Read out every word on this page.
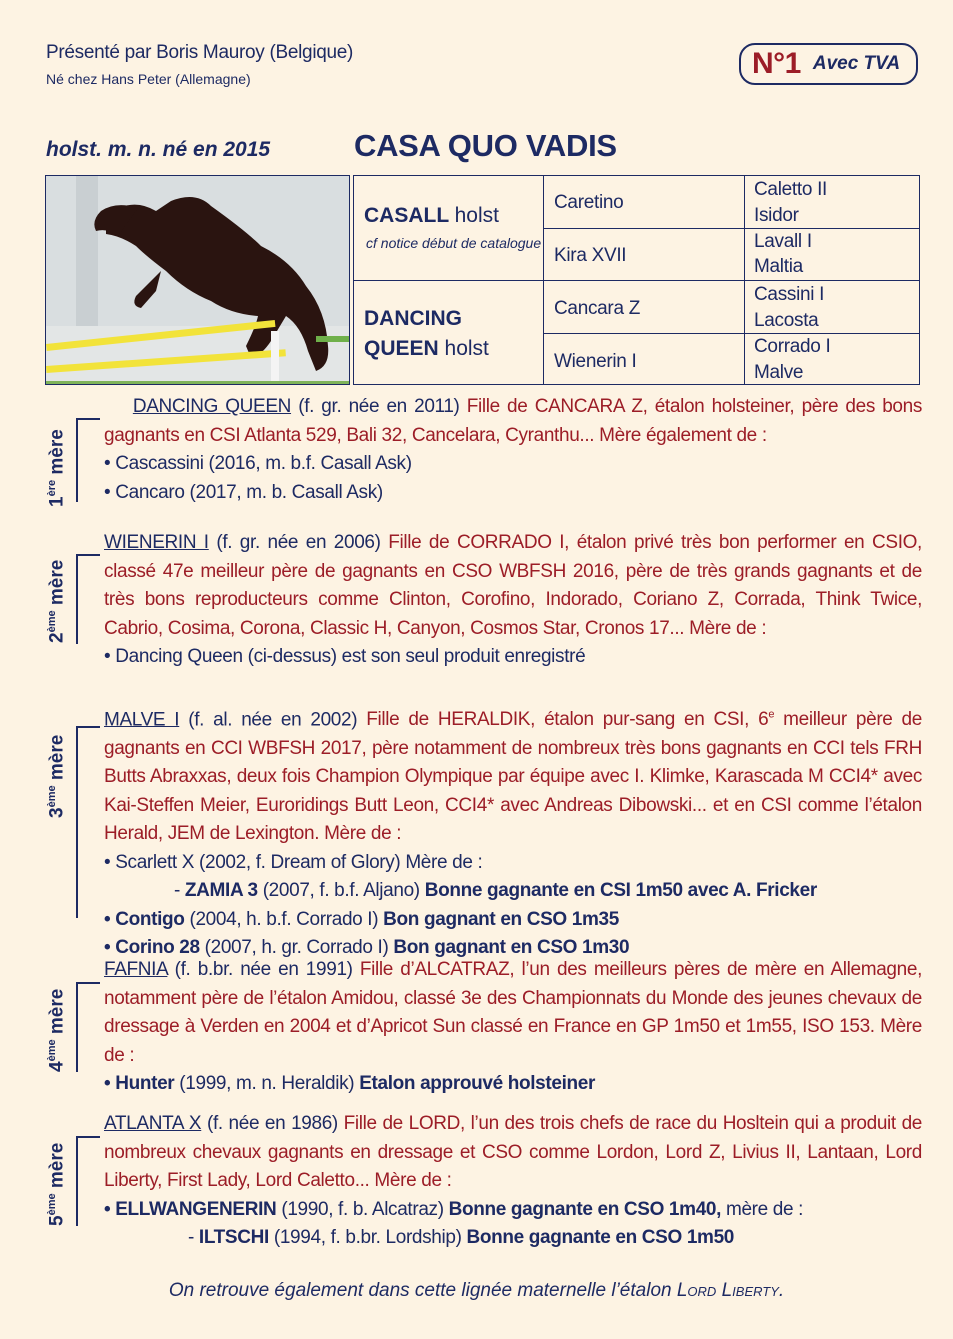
Présenté par Boris Mauroy (Belgique)
Né chez Hans Peter (Allemagne)	N°1 Avec TVA
holst. m. n. né en 2015	CASA QUO VADIS
CASALL holst
cf notice début de catalogue
DANCING
QUEEN holst
Caretino
Kira XVII
Cancara Z
Wienerin I
Caletto II
Isidor
Lavall I
Maltia
Cassini I
Lacosta
Corrado I
Malve
1ère mère

DANCING QUEEN (f. gr. née en 2011) Fille de CANCARA Z, étalon holsteiner, père des bons gagnants en CSI Atlanta 529, Bali 32, Cancelara, Cyranthu... Mère également de :

• Cascassini (2016, m. b.f. Casall Ask)

• Cancaro (2017, m. b. Casall Ask)

2ème mère

WIENERIN I (f. gr. née en 2006) Fille de CORRADO I, étalon privé très bon performer en CSIO, classé 47e meilleur père de gagnants en CSO WBFSH 2016, père de très grands gagnants et de très bons reproducteurs comme Clinton, Corofino, Indorado, Coriano Z, Corrada, Think Twice, Cabrio, Cosima, Corona, Classic H, Canyon, Cosmos Star, Cronos 17... Mère de :

• Dancing Queen (ci-dessus) est son seul produit enregistré

3ème mère

MALVE I (f. al. née en 2002) Fille de HERALDIK, étalon pur-sang en CSI, 6e meilleur père de gagnants en CCI WBFSH 2017, père notamment de nombreux très bons gagnants en CCI tels FRH Butts Abraxxas, deux fois Champion Olympique par équipe avec I. Klimke, Karascada M CCI4* avec Kai-Steffen Meier, Euroridings Butt Leon, CCI4* avec Andreas Dibowski... et en CSI comme l’étalon Herald, JEM de Lexington. Mère de :

• Scarlett X (2002, f. Dream of Glory) Mère de :

- ZAMIA 3 (2007, f. b.f. Aljano) Bonne gagnante en CSI 1m50 avec A. Fricker

• Contigo (2004, h. b.f. Corrado I) Bon gagnant en CSO 1m35

• Corino 28 (2007, h. gr. Corrado I) Bon gagnant en CSO 1m30

4ème mère

FAFNIA (f. b.br. née en 1991) Fille d’ALCATRAZ, l’un des meilleurs pères de mère en Allemagne, notamment père de l’étalon Amidou, classé 3e des Championnats du Monde des jeunes chevaux de dressage à Verden en 2004 et d’Apricot Sun classé en France en GP 1m50 et 1m55, ISO 153. Mère de :

• Hunter (1999, m. n. Heraldik) Etalon approuvé holsteiner

5ème mère

ATLANTA X (f. née en 1986) Fille de LORD, l’un des trois chefs de race du Hosltein qui a produit de nombreux chevaux gagnants en dressage et CSO comme Lordon, Lord Z, Livius II, Lantaan, Lord Liberty, First Lady, Lord Caletto... Mère de :

• ELLWANGENERIN (1990, f. b. Alcatraz) Bonne gagnante en CSO 1m40, mère de :

- ILTSCHI (1994, f. b.br. Lordship) Bonne gagnante en CSO 1m50

On retrouve également dans cette lignée maternelle l’étalon Lord Liberty.
